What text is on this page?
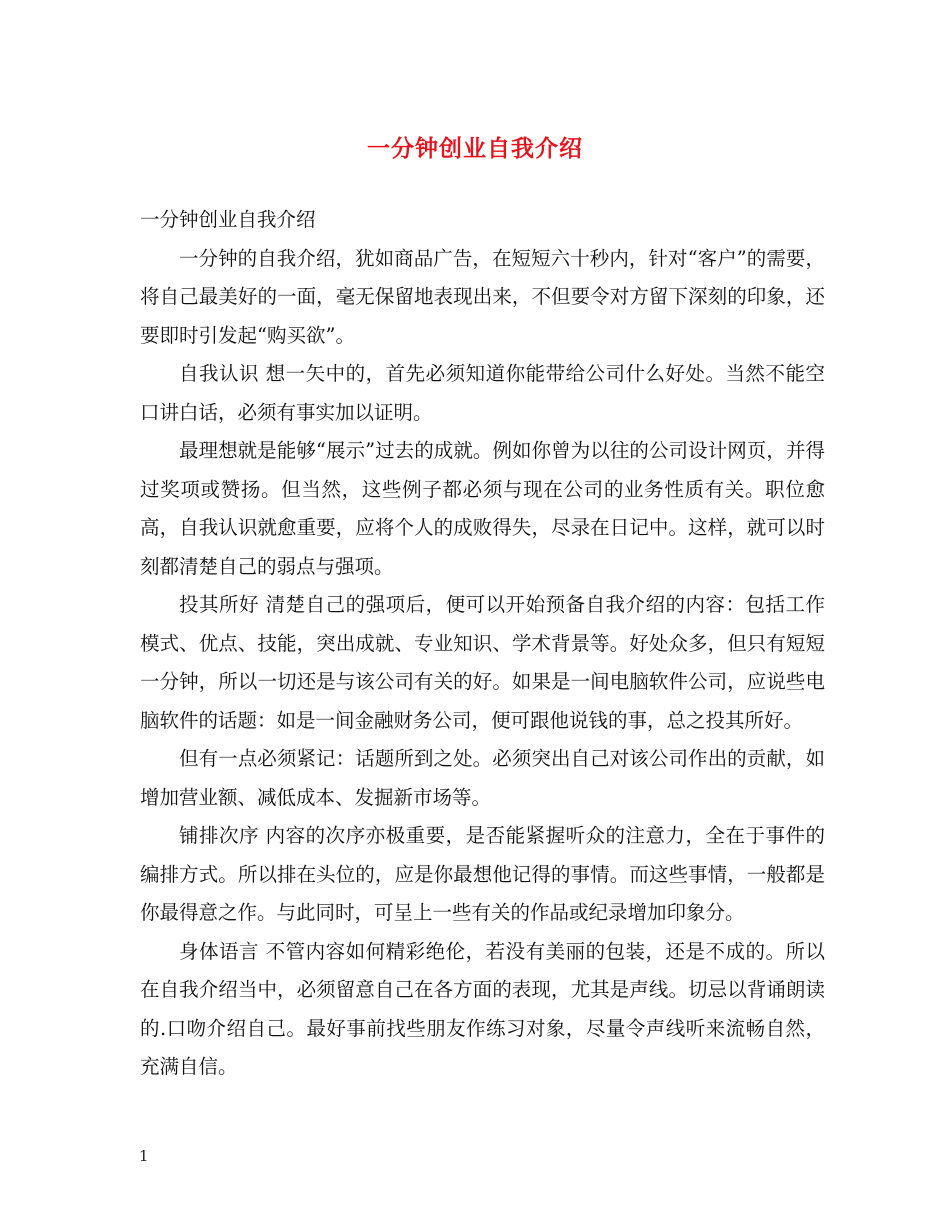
一分钟创业自我介绍

一分钟创业自我介绍

一分钟的自我介绍，犹如商品广告，在短短六十秒内，针对“客户”的需要，将自己最美好的一面，毫无保留地表现出来，不但要令对方留下深刻的印象，还要即时引发起“购买欲”。

自我认识 想一矢中的，首先必须知道你能带给公司什么好处。当然不能空口讲白话，必须有事实加以证明。

最理想就是能够“展示”过去的成就。例如你曾为以往的公司设计网页，并得过奖项或赞扬。但当然，这些例子都必须与现在公司的业务性质有关。职位愈高，自我认识就愈重要，应将个人的成败得失，尽录在日记中。这样，就可以时刻都清楚自己的弱点与强项。

投其所好 清楚自己的强项后，便可以开始预备自我介绍的内容：包括工作模式、优点、技能，突出成就、专业知识、学术背景等。好处众多，但只有短短一分钟，所以一切还是与该公司有关的好。如果是一间电脑软件公司，应说些电脑软件的话题：如是一间金融财务公司，便可跟他说钱的事，总之投其所好。

但有一点必须紧记：话题所到之处。必须突出自己对该公司作出的贡献，如增加营业额、减低成本、发掘新市场等。

铺排次序 内容的次序亦极重要，是否能紧握听众的注意力，全在于事件的编排方式。所以排在头位的，应是你最想他记得的事情。而这些事情，一般都是你最得意之作。与此同时，可呈上一些有关的作品或纪录增加印象分。

身体语言 不管内容如何精彩绝伦，若没有美丽的包装，还是不成的。所以在自我介绍当中，必须留意自己在各方面的表现，尤其是声线。切忌以背诵朗读的.口吻介绍自己。最好事前找些朋友作练习对象，尽量令声线听来流畅自然，充满自信。

1
